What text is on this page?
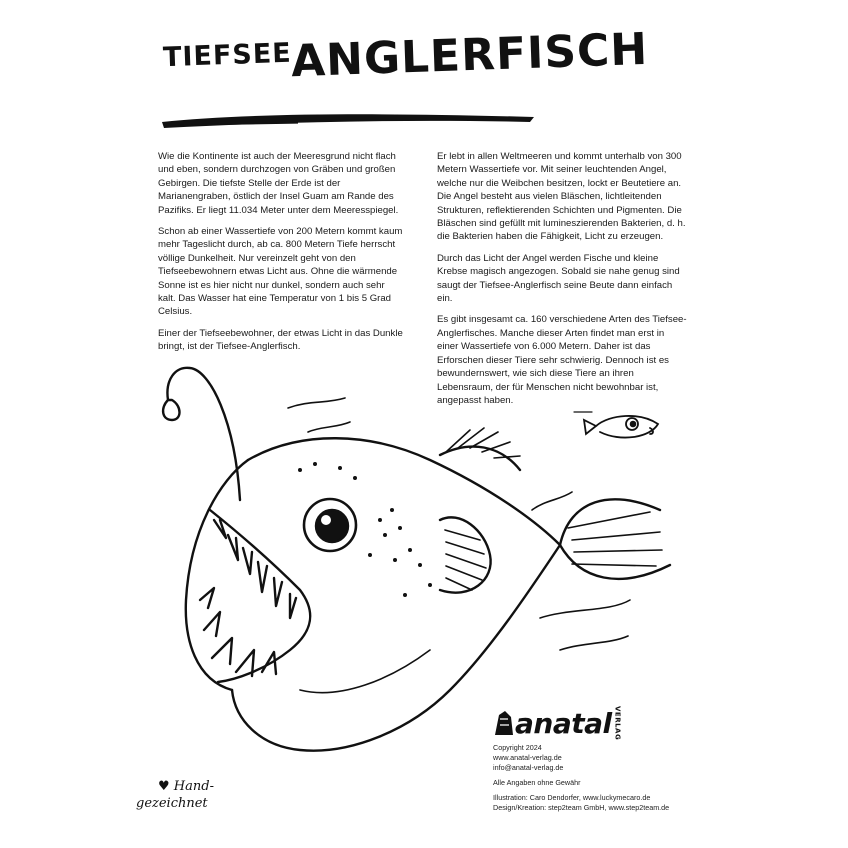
TIEFSEE
ANGLERFISCH

Wie die Kontinente ist auch der Meeresgrund nicht flach und eben, sondern durchzogen von Gräben und großen Gebirgen. Die tiefste Stelle der Erde ist der Marianengraben, östlich der Insel Guam am Rande des Pazifiks. Er liegt 11.034 Meter unter dem Meeresspiegel.

Schon ab einer Wassertiefe von 200 Metern kommt kaum mehr Tageslicht durch, ab ca. 800 Metern Tiefe herrscht völlige Dunkelheit. Nur vereinzelt geht von den Tiefseebewohnern etwas Licht aus. Ohne die wärmende Sonne ist es hier nicht nur dunkel, sondern auch sehr kalt. Das Wasser hat eine Temperatur von 1 bis 5 Grad Celsius.

Einer der Tiefseebewohner, der etwas Licht in das Dunkle bringt, ist der Tiefsee-Anglerfisch.

Er lebt in allen Weltmeeren und kommt unterhalb von 300 Metern Wassertiefe vor. Mit seiner leuchtenden Angel, welche nur die Weibchen besitzen, lockt er Beutetiere an. Die Angel besteht aus vielen Bläschen, lichtleitenden Strukturen, reflektierenden Schichten und Pigmenten. Die Bläschen sind gefüllt mit lumineszierenden Bakterien, d. h. die Bakterien haben die Fähigkeit, Licht zu erzeugen.

Durch das Licht der Angel werden Fische und kleine Krebse magisch angezogen. Sobald sie nahe genug sind saugt der Tiefsee-Anglerfisch seine Beute dann einfach ein.

Es gibt insgesamt ca. 160 verschiedene Arten des Tiefsee-Anglerfisches. Manche dieser Arten findet man erst in einer Wassertiefe von 6.000 Metern. Daher ist das Erforschen dieser Tiere sehr schwierig. Dennoch ist es bewundernswert, wie sich diese Tiere an ihren Lebensraum, der für Menschen nicht bewohnbar ist, angepasst haben.

anatal VERLAG
Copyright 2024
www.anatal-verlag.de
info@anatal-verlag.de
Alle Angaben ohne Gewähr
Illustration: Caro Dendorfer, www.luckymecaro.de
Design/Kreation: step2team GmbH, www.step2team.de
♥ Hand-
gezeichnet
